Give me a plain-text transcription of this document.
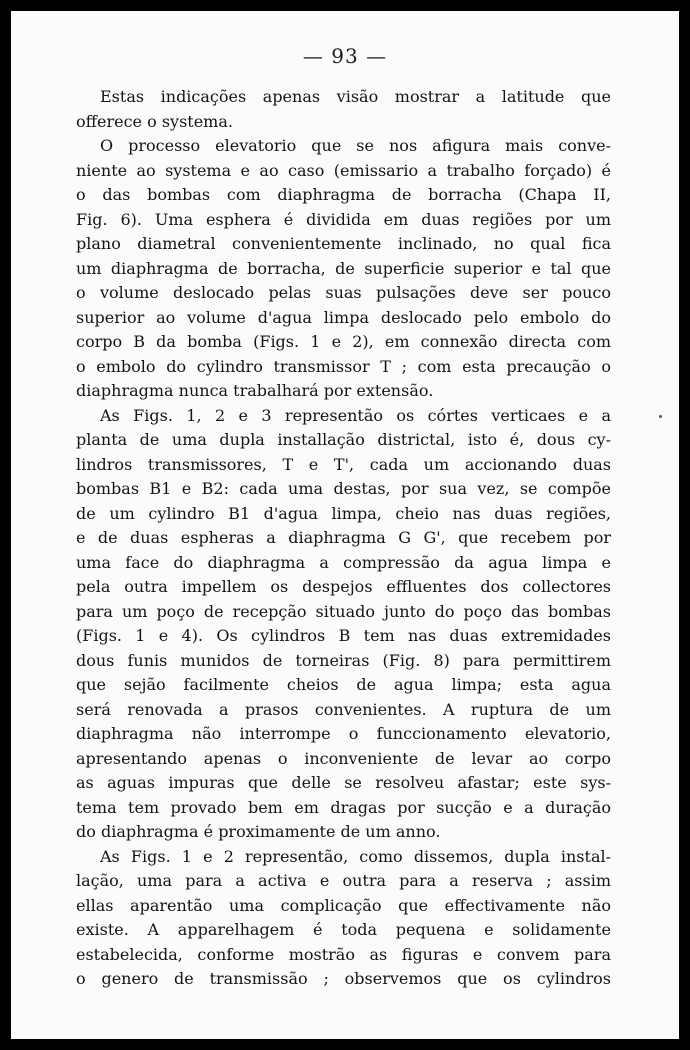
— 93 —
Estas indicações apenas visão mostrar a latitude que
offerece o systema.
O processo elevatorio que se nos afigura mais conve-
niente ao systema e ao caso (emissario a trabalho forçado) é
o das bombas com diaphragma de borracha (Chapa II,
Fig. 6). Uma esphera é dividida em duas regiões por um
plano diametral convenientemente inclinado, no qual fica
um diaphragma de borracha, de superficie superior e tal que
o volume deslocado pelas suas pulsações deve ser pouco
superior ao volume d'agua limpa deslocado pelo embolo do
corpo B da bomba (Figs. 1 e 2), em connexão directa com
o embolo do cylindro transmissor T ; com esta precaução o
diaphragma nunca trabalhará por extensão.
As Figs. 1, 2 e 3 representão os córtes verticaes e a
planta de uma dupla installação districtal, isto é, dous cy-
lindros transmissores, T e T', cada um accionando duas
bombas B1 e B2: cada uma destas, por sua vez, se compõe
de um cylindro B1 d'agua limpa, cheio nas duas regiões,
e de duas espheras a diaphragma G G', que recebem por
uma face do diaphragma a compressão da agua limpa e
pela outra impellem os despejos effluentes dos collectores
para um poço de recepção situado junto do poço das bombas
(Figs. 1 e 4). Os cylindros B tem nas duas extremidades
dous funis munidos de torneiras (Fig. 8) para permittirem
que sejão facilmente cheios de agua limpa; esta agua
será renovada a prasos convenientes. A ruptura de um
diaphragma não interrompe o funccionamento elevatorio,
apresentando apenas o inconveniente de levar ao corpo
as aguas impuras que delle se resolveu afastar; este sys-
tema tem provado bem em dragas por sucção e a duração
do diaphragma é proximamente de um anno.
As Figs. 1 e 2 representão, como dissemos, dupla instal-
lação, uma para a activa e outra para a reserva ; assim
ellas aparentão uma complicação que effectivamente não
existe. A apparelhagem é toda pequena e solidamente
estabelecida, conforme mostrão as figuras e convem para
o genero de transmissão ; observemos que os cylindros
